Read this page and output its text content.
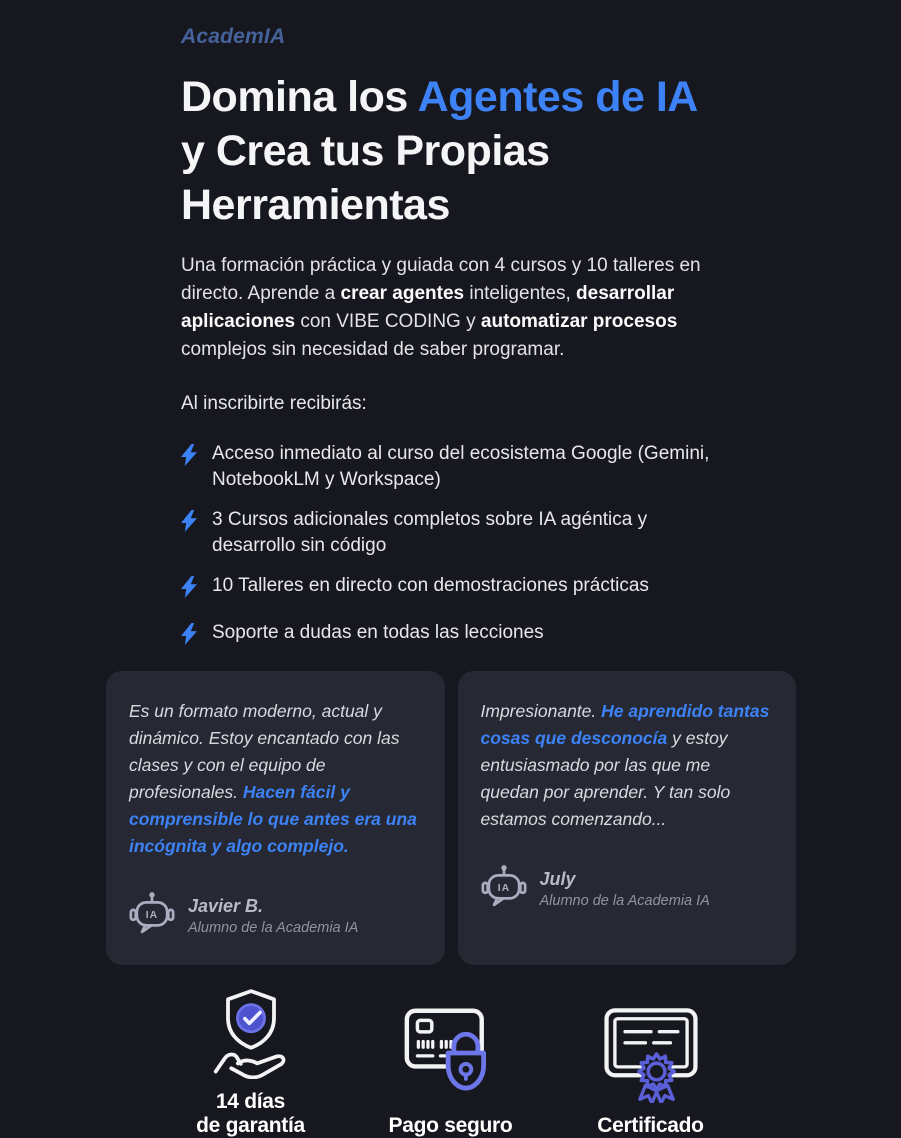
AcademIA
Domina los Agentes de IA
y Crea tus Propias
Herramientas

Una formación práctica y guiada con 4 cursos y 10 talleres en directo. Aprende a crear agentes inteligentes, desarrollar aplicaciones con VIBE CODING y automatizar procesos complejos sin necesidad de saber programar.

Al inscribirte recibirás:
Acceso inmediato al curso del ecosistema Google (Gemini, NotebookLM y Workspace)
3 Cursos adicionales completos sobre IA agéntica y desarrollo sin código
10 Talleres en directo con demostraciones prácticas
Soporte a dudas en todas las lecciones
Es un formato moderno, actual y dinámico. Estoy encantado con las clases y con el equipo de profesionales. Hacen fácil y comprensible lo que antes era una incógnita y algo complejo.
IA
Javier B.
Alumno de la Academia IA
Impresionante. He aprendido tantas cosas que desconocía y estoy entusiasmado por las que me quedan por aprender. Y tan solo estamos comenzando...
IA
July
Alumno de la Academia IA
14 días
de garantía	Pago seguro	Certificado
